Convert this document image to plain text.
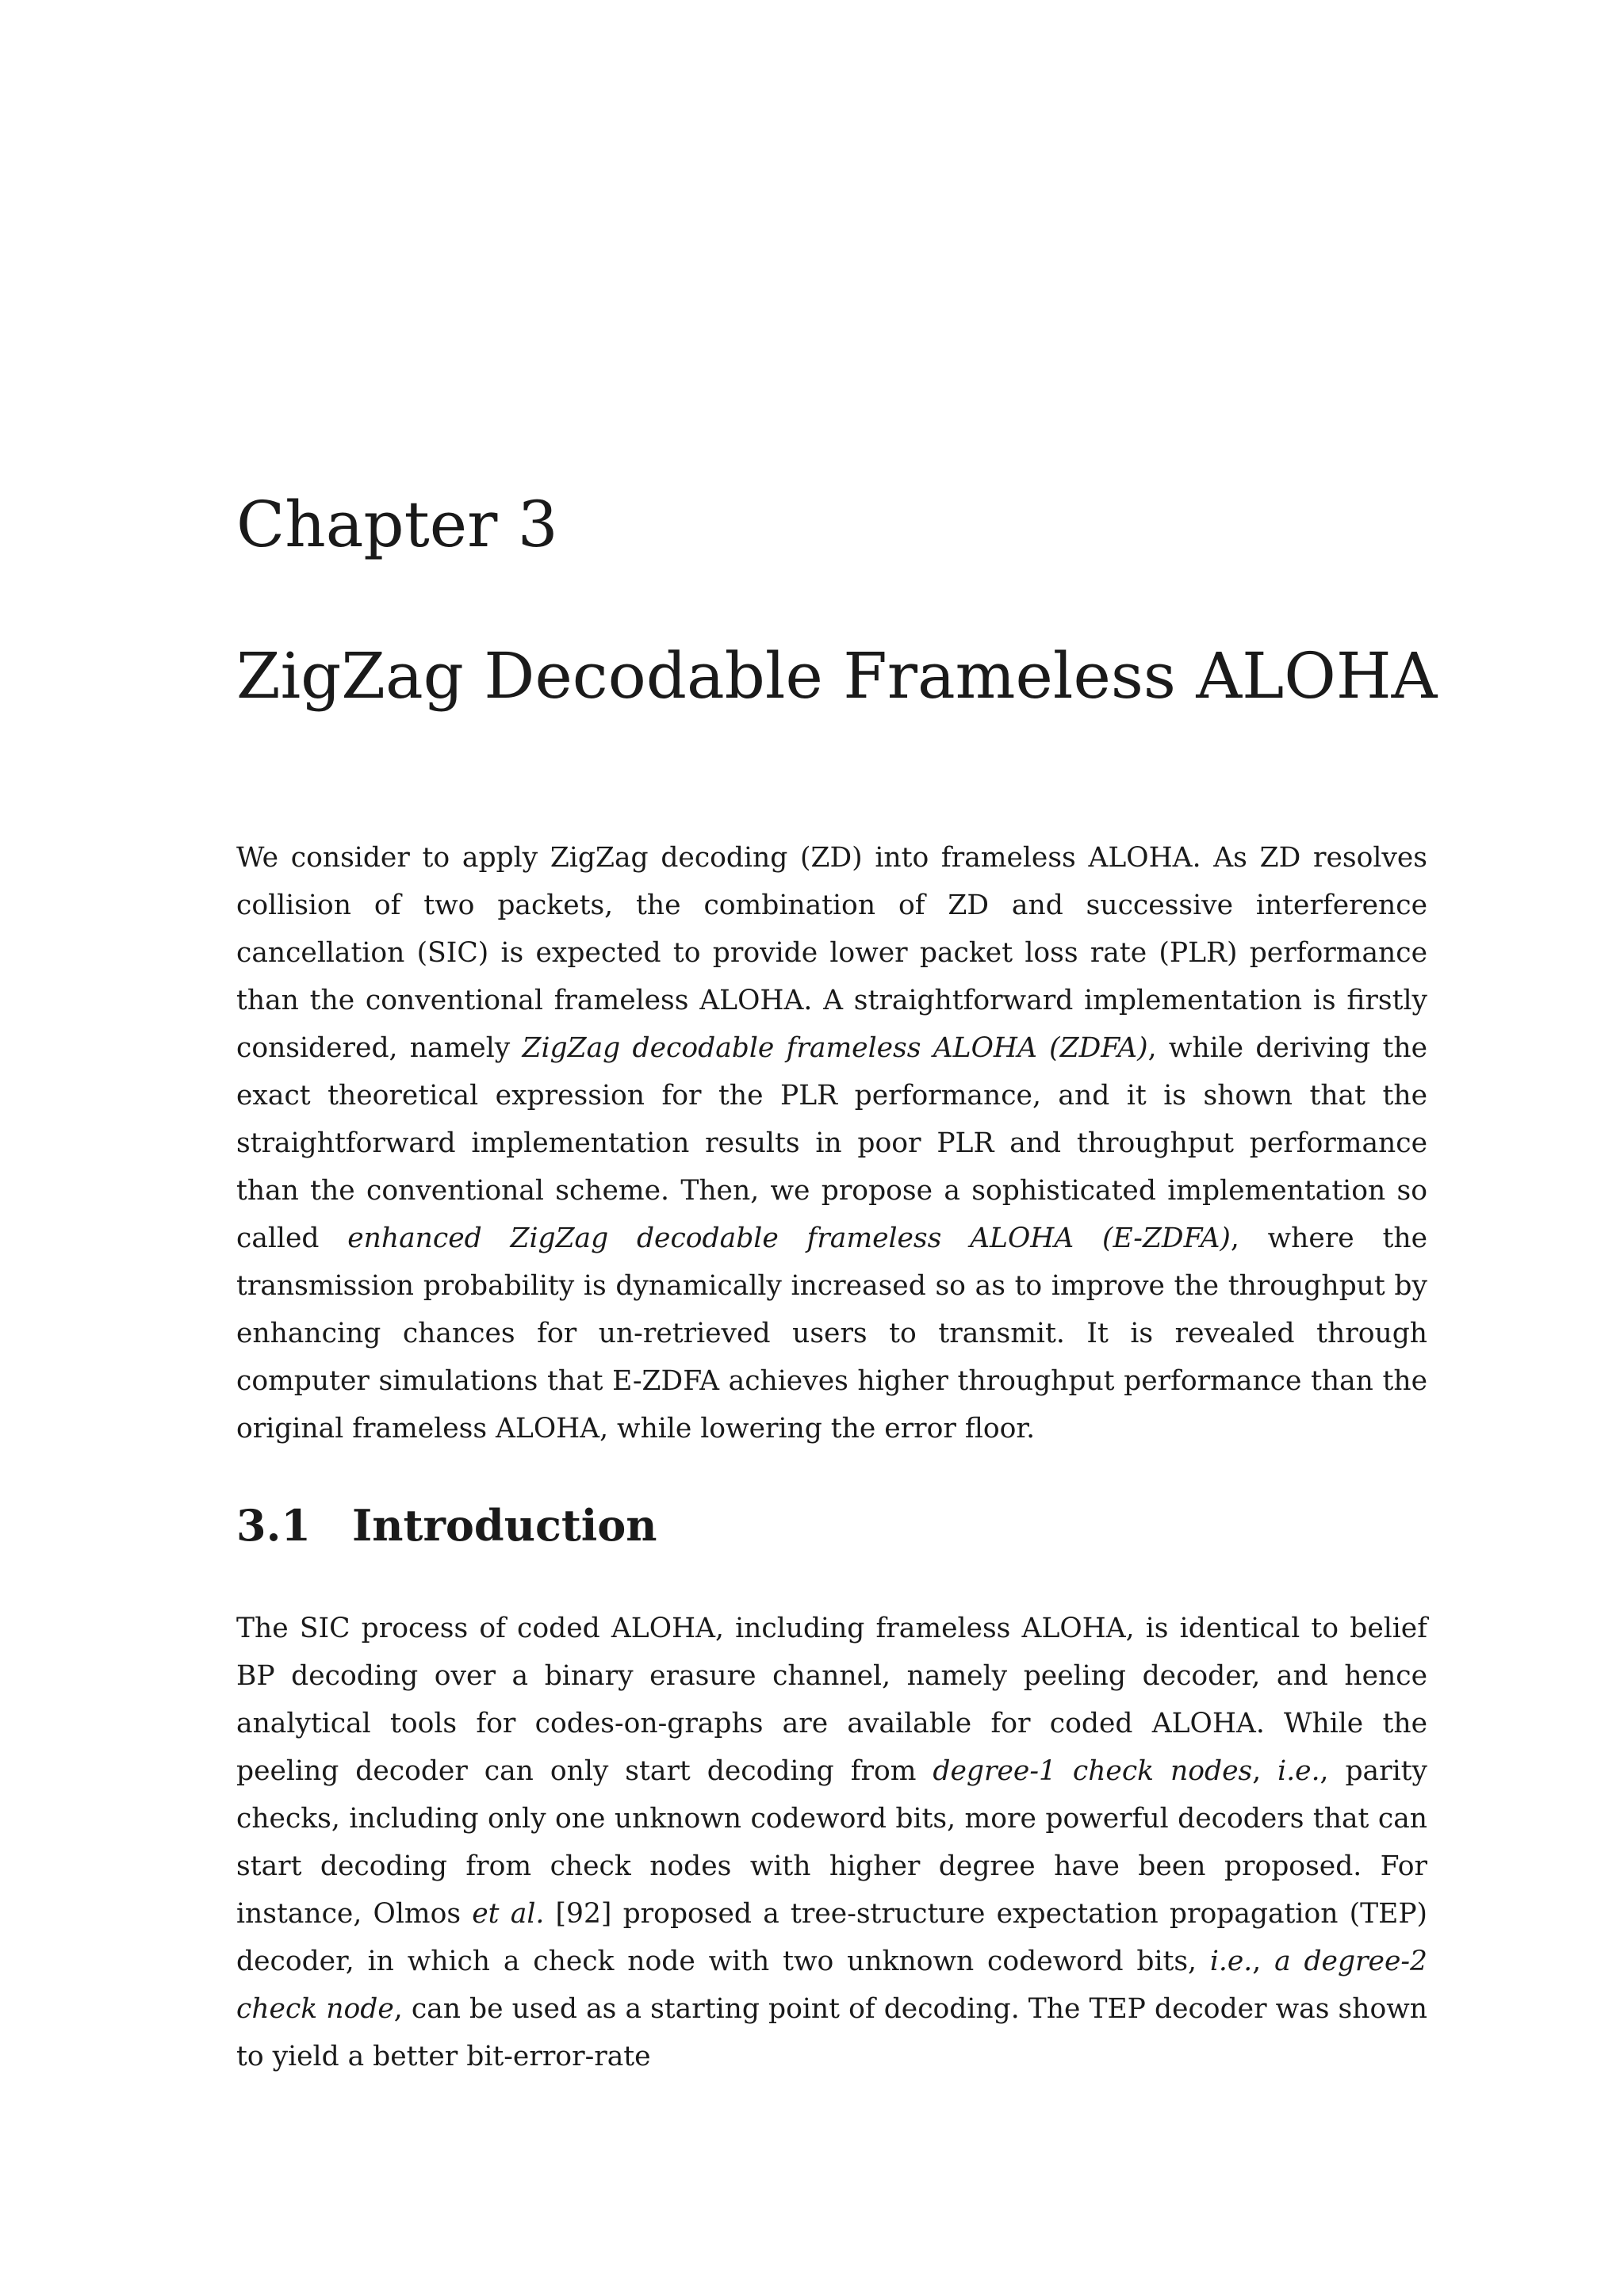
Chapter 3
ZigZag Decodable Frameless ALOHA

We consider to apply ZigZag decoding (ZD) into frameless ALOHA. As ZD resolves collision of two packets, the combination of ZD and successive interference cancellation (SIC) is expected to provide lower packet loss rate (PLR) performance than the conventional frameless ALOHA. A straightforward implementation is firstly considered, namely ZigZag decodable frameless ALOHA (ZDFA), while deriving the exact theoretical expression for the PLR performance, and it is shown that the straightforward implementation results in poor PLR and throughput performance than the conventional scheme. Then, we propose a sophisticated implementation so called enhanced ZigZag decodable frameless ALOHA (E-ZDFA), where the transmission probability is dynamically increased so as to improve the throughput by enhancing chances for un-retrieved users to transmit. It is revealed through computer simulations that E-ZDFA achieves higher throughput performance than the original frameless ALOHA, while lowering the error floor.

3.1 Introduction

The SIC process of coded ALOHA, including frameless ALOHA, is identical to belief BP decoding over a binary erasure channel, namely peeling decoder, and hence analytical tools for codes-on-graphs are available for coded ALOHA. While the peeling decoder can only start decoding from degree-1 check nodes, i.e., parity checks, including only one unknown codeword bits, more powerful decoders that can start decoding from check nodes with higher degree have been proposed. For instance, Olmos et al. [92] proposed a tree-structure expectation propagation (TEP) decoder, in which a check node with two unknown codeword bits, i.e., a degree-2 check node, can be used as a starting point of decoding. The TEP decoder was shown to yield a better bit-error-rate
